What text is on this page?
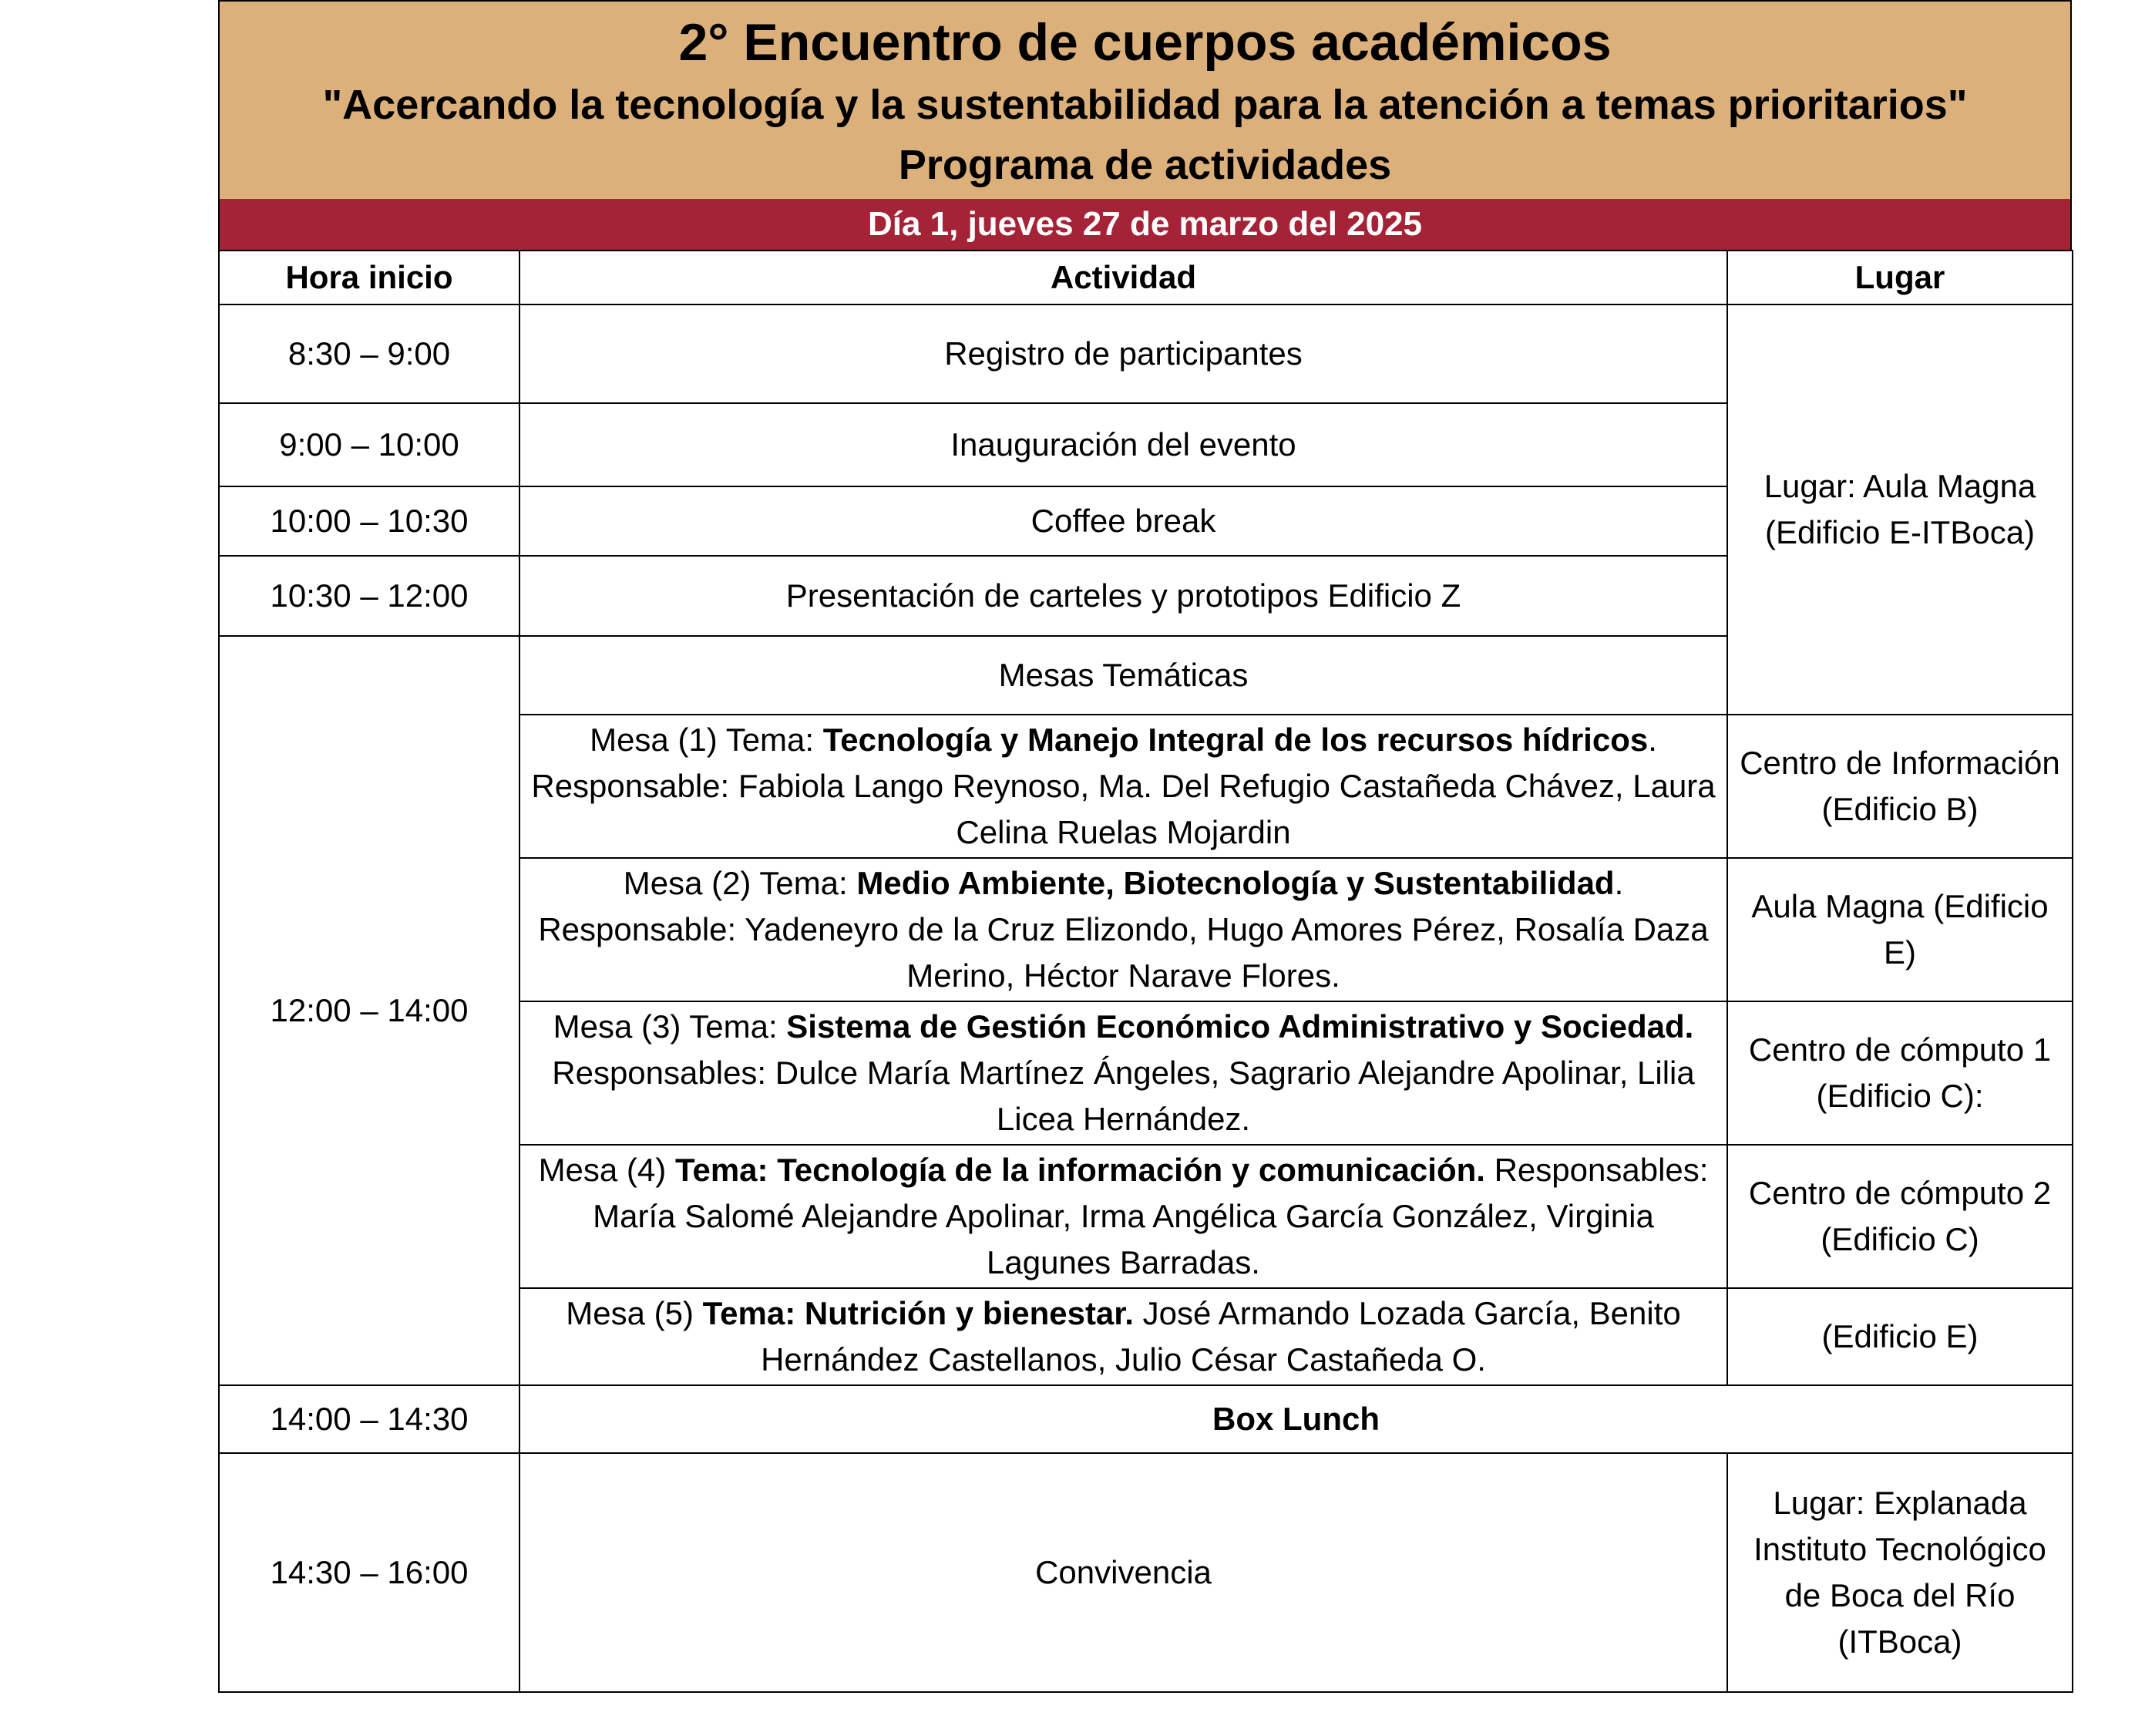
2° Encuentro de cuerpos académicos
"Acercando la tecnología y la sustentabilidad para la atención a temas prioritarios"
Programa de actividades
Día 1, jueves 27 de marzo del 2025
Hora inicio	Actividad	Lugar
8:30 – 9:00	Registro de participantes	Lugar: Aula Magna
(Edificio E-ITBoca)

9:00 – 10:00	Inauguración del evento	
10:00 – 10:30	Coffee break	
10:30 – 12:00	Presentación de carteles y prototipos Edificio Z	
12:00 – 14:00	Mesas Temáticas	
	Mesa (1) Tema: Tecnología y Manejo Integral de los recursos hídricos. Responsable: Fabiola Lango Reynoso, Ma. Del Refugio Castañeda Chávez, Laura Celina Ruelas Mojardin	Centro de Información (Edificio B)
	Mesa (2) Tema: Medio Ambiente, Biotecnología y Sustentabilidad. Responsable: Yadeneyro de la Cruz Elizondo, Hugo Amores Pérez, Rosalía Daza Merino, Héctor Narave Flores.	Aula Magna (Edificio E)
	Mesa (3) Tema: Sistema de Gestión Económico Administrativo y Sociedad. Responsables: Dulce María Martínez Ángeles, Sagrario Alejandre Apolinar, Lilia Licea Hernández.	Centro de cómputo 1 (Edificio C):
	Mesa (4) Tema: Tecnología de la información y comunicación. Responsables: María Salomé Alejandre Apolinar, Irma Angélica García González, Virginia Lagunes Barradas.	Centro de cómputo 2 (Edificio C)
	Mesa (5) Tema: Nutrición y bienestar. José Armando Lozada García, Benito Hernández Castellanos, Julio César Castañeda O.	(Edificio E)
14:00 – 14:30	Box Lunch	
14:30 – 16:00	Convivencia	Lugar: Explanada Instituto Tecnológico de Boca del Río (ITBoca)
